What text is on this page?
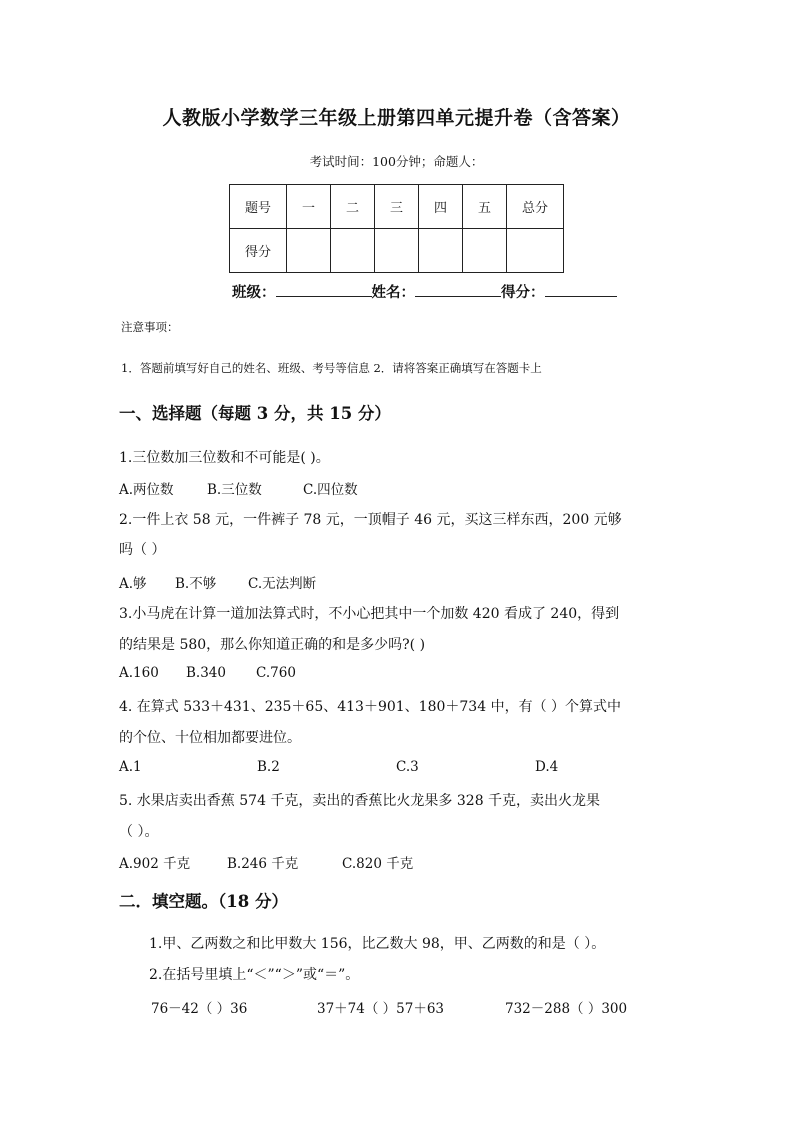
人教版小学数学三年级上册第四单元提升卷（含答案）
考试时间：100分钟；命题人：
题号	一	二	三	四	五	总分
得分						
班级：	姓名：	得分：
注意事项：
1．答题前填写好自己的姓名、班级、考号等信息 2．请将答案正确填写在答题卡上
一、选择题（每题 3 分，共 15 分）
1.三位数加三位数和不可能是( )。
A.两位数 B.三位数	C.四位数
2.一件上衣 58 元，一件裤子 78 元，一顶帽子 46 元，买这三样东西，200 元够
吗（ ）
A.够 B.不够 C.无法判断
3.小马虎在计算一道加法算式时，不小心把其中一个加数 420 看成了 240，得到
的结果是 580，那么你知道正确的和是多少吗?( )
A.160 B.340 C.760
4. 在算式 533＋431、235＋65、413＋901、180＋734 中，有（ ）个算式中
的个位、十位相加都要进位。
A.1	B.2	C.3	D.4
5. 水果店卖出香蕉 574 千克，卖出的香蕉比火龙果多 328 千克，卖出火龙果
（ ）。
A.902 千克	B.246 千克	C.820 千克
二．填空题。（18 分）
1.甲、乙两数之和比甲数大 156，比乙数大 98，甲、乙两数的和是（ ）。
2.在括号里填上“＜”“＞”或“＝”。
76－42（ ）36	37＋74（ ）57＋63	732－288（ ）300
